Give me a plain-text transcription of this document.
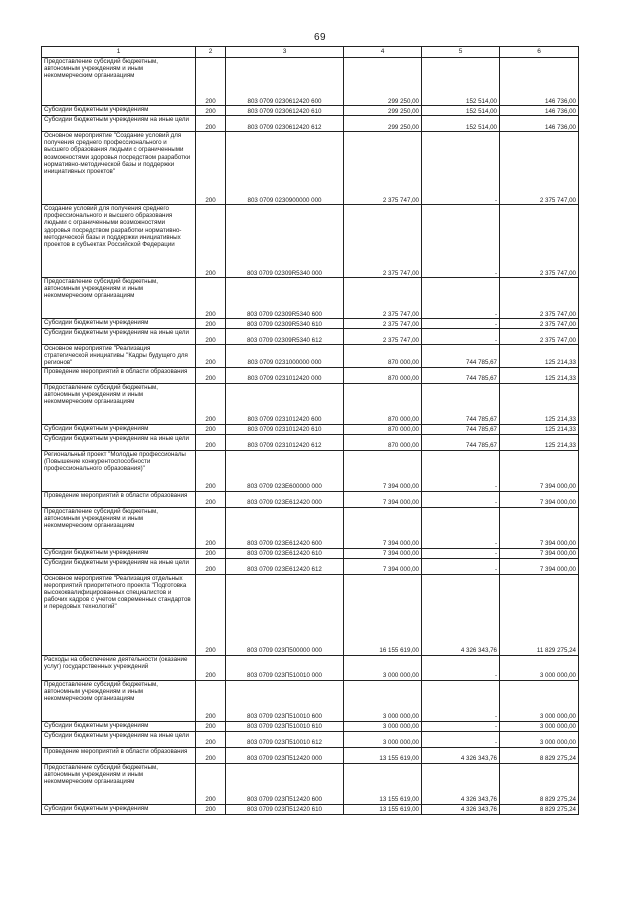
69
1	2	3	4	5	6
Предоставление субсидий бюджетным, автономным учреждениям и иным некоммерческим организациям	200	803 0709 0230612420 600	299 250,00	152 514,00	146 736,00
Субсидии бюджетным учреждениям	200	803 0709 0230612420 610	299 250,00	152 514,00	146 736,00
Субсидии бюджетным учреждениям на иные цели	200	803 0709 0230612420 612	299 250,00	152 514,00	146 736,00
Основное мероприятие "Создание условий для получения среднего профессионального и высшего образования людьми с ограниченными возможностями здоровья посредством разработки нормативно-методической базы и поддержки инициативных проектов"	200	803 0709 0230900000 000	2 375 747,00	-	2 375 747,00
Создание условий для получения среднего профессионального и высшего образования людьми с ограниченными возможностями здоровья посредством разработки нормативно-методической базы и поддержки инициативных проектов в субъектах Российской Федерации	200	803 0709 02309R5340 000	2 375 747,00	-	2 375 747,00
Предоставление субсидий бюджетным, автономным учреждениям и иным некоммерческим организациям	200	803 0709 02309R5340 600	2 375 747,00	-	2 375 747,00
Субсидии бюджетным учреждениям	200	803 0709 02309R5340 610	2 375 747,00	-	2 375 747,00
Субсидии бюджетным учреждениям на иные цели	200	803 0709 02309R5340 612	2 375 747,00	-	2 375 747,00
Основное мероприятие "Реализация стратегической инициативы "Кадры будущего для регионов"	200	803 0709 0231000000 000	870 000,00	744 785,67	125 214,33
Проведение мероприятий в области образования	200	803 0709 0231012420 000	870 000,00	744 785,67	125 214,33
Предоставление субсидий бюджетным, автономным учреждениям и иным некоммерческим организациям	200	803 0709 0231012420 600	870 000,00	744 785,67	125 214,33
Субсидии бюджетным учреждениям	200	803 0709 0231012420 610	870 000,00	744 785,67	125 214,33
Субсидии бюджетным учреждениям на иные цели	200	803 0709 0231012420 612	870 000,00	744 785,67	125 214,33
Региональный проект "Молодые профессионалы (Повышение конкурентоспособности профессионального образования)"	200	803 0709 023E600000 000	7 394 000,00	-	7 394 000,00
Проведение мероприятий в области образования	200	803 0709 023E612420 000	7 394 000,00	-	7 394 000,00
Предоставление субсидий бюджетным, автономным учреждениям и иным некоммерческим организациям	200	803 0709 023E612420 600	7 394 000,00	-	7 394 000,00
Субсидии бюджетным учреждениям	200	803 0709 023E612420 610	7 394 000,00	-	7 394 000,00
Субсидии бюджетным учреждениям на иные цели	200	803 0709 023E612420 612	7 394 000,00	-	7 394 000,00
Основное мероприятие "Реализация отдельных мероприятий приоритетного проекта "Подготовка высококвалифицированных специалистов и рабочих кадров с учетом современных стандартов и передовых технологий"	200	803 0709 023П500000 000	16 155 619,00	4 326 343,76	11 829 275,24
Расходы на обеспечение деятельности (оказание услуг) государственных учреждений	200	803 0709 023П510010 000	3 000 000,00	-	3 000 000,00
Предоставление субсидий бюджетным, автономным учреждениям и иным некоммерческим организациям	200	803 0709 023П510010 600	3 000 000,00	-	3 000 000,00
Субсидии бюджетным учреждениям	200	803 0709 023П510010 610	3 000 000,00	-	3 000 000,00
Субсидии бюджетным учреждениям на иные цели	200	803 0709 023П510010 612	3 000 000,00	-	3 000 000,00
Проведение мероприятий в области образования	200	803 0709 023П512420 000	13 155 619,00	4 326 343,76	8 829 275,24
Предоставление субсидий бюджетным, автономным учреждениям и иным некоммерческим организациям	200	803 0709 023П512420 600	13 155 619,00	4 326 343,76	8 829 275,24
Субсидии бюджетным учреждениям	200	803 0709 023П512420 610	13 155 619,00	4 326 343,76	8 829 275,24
